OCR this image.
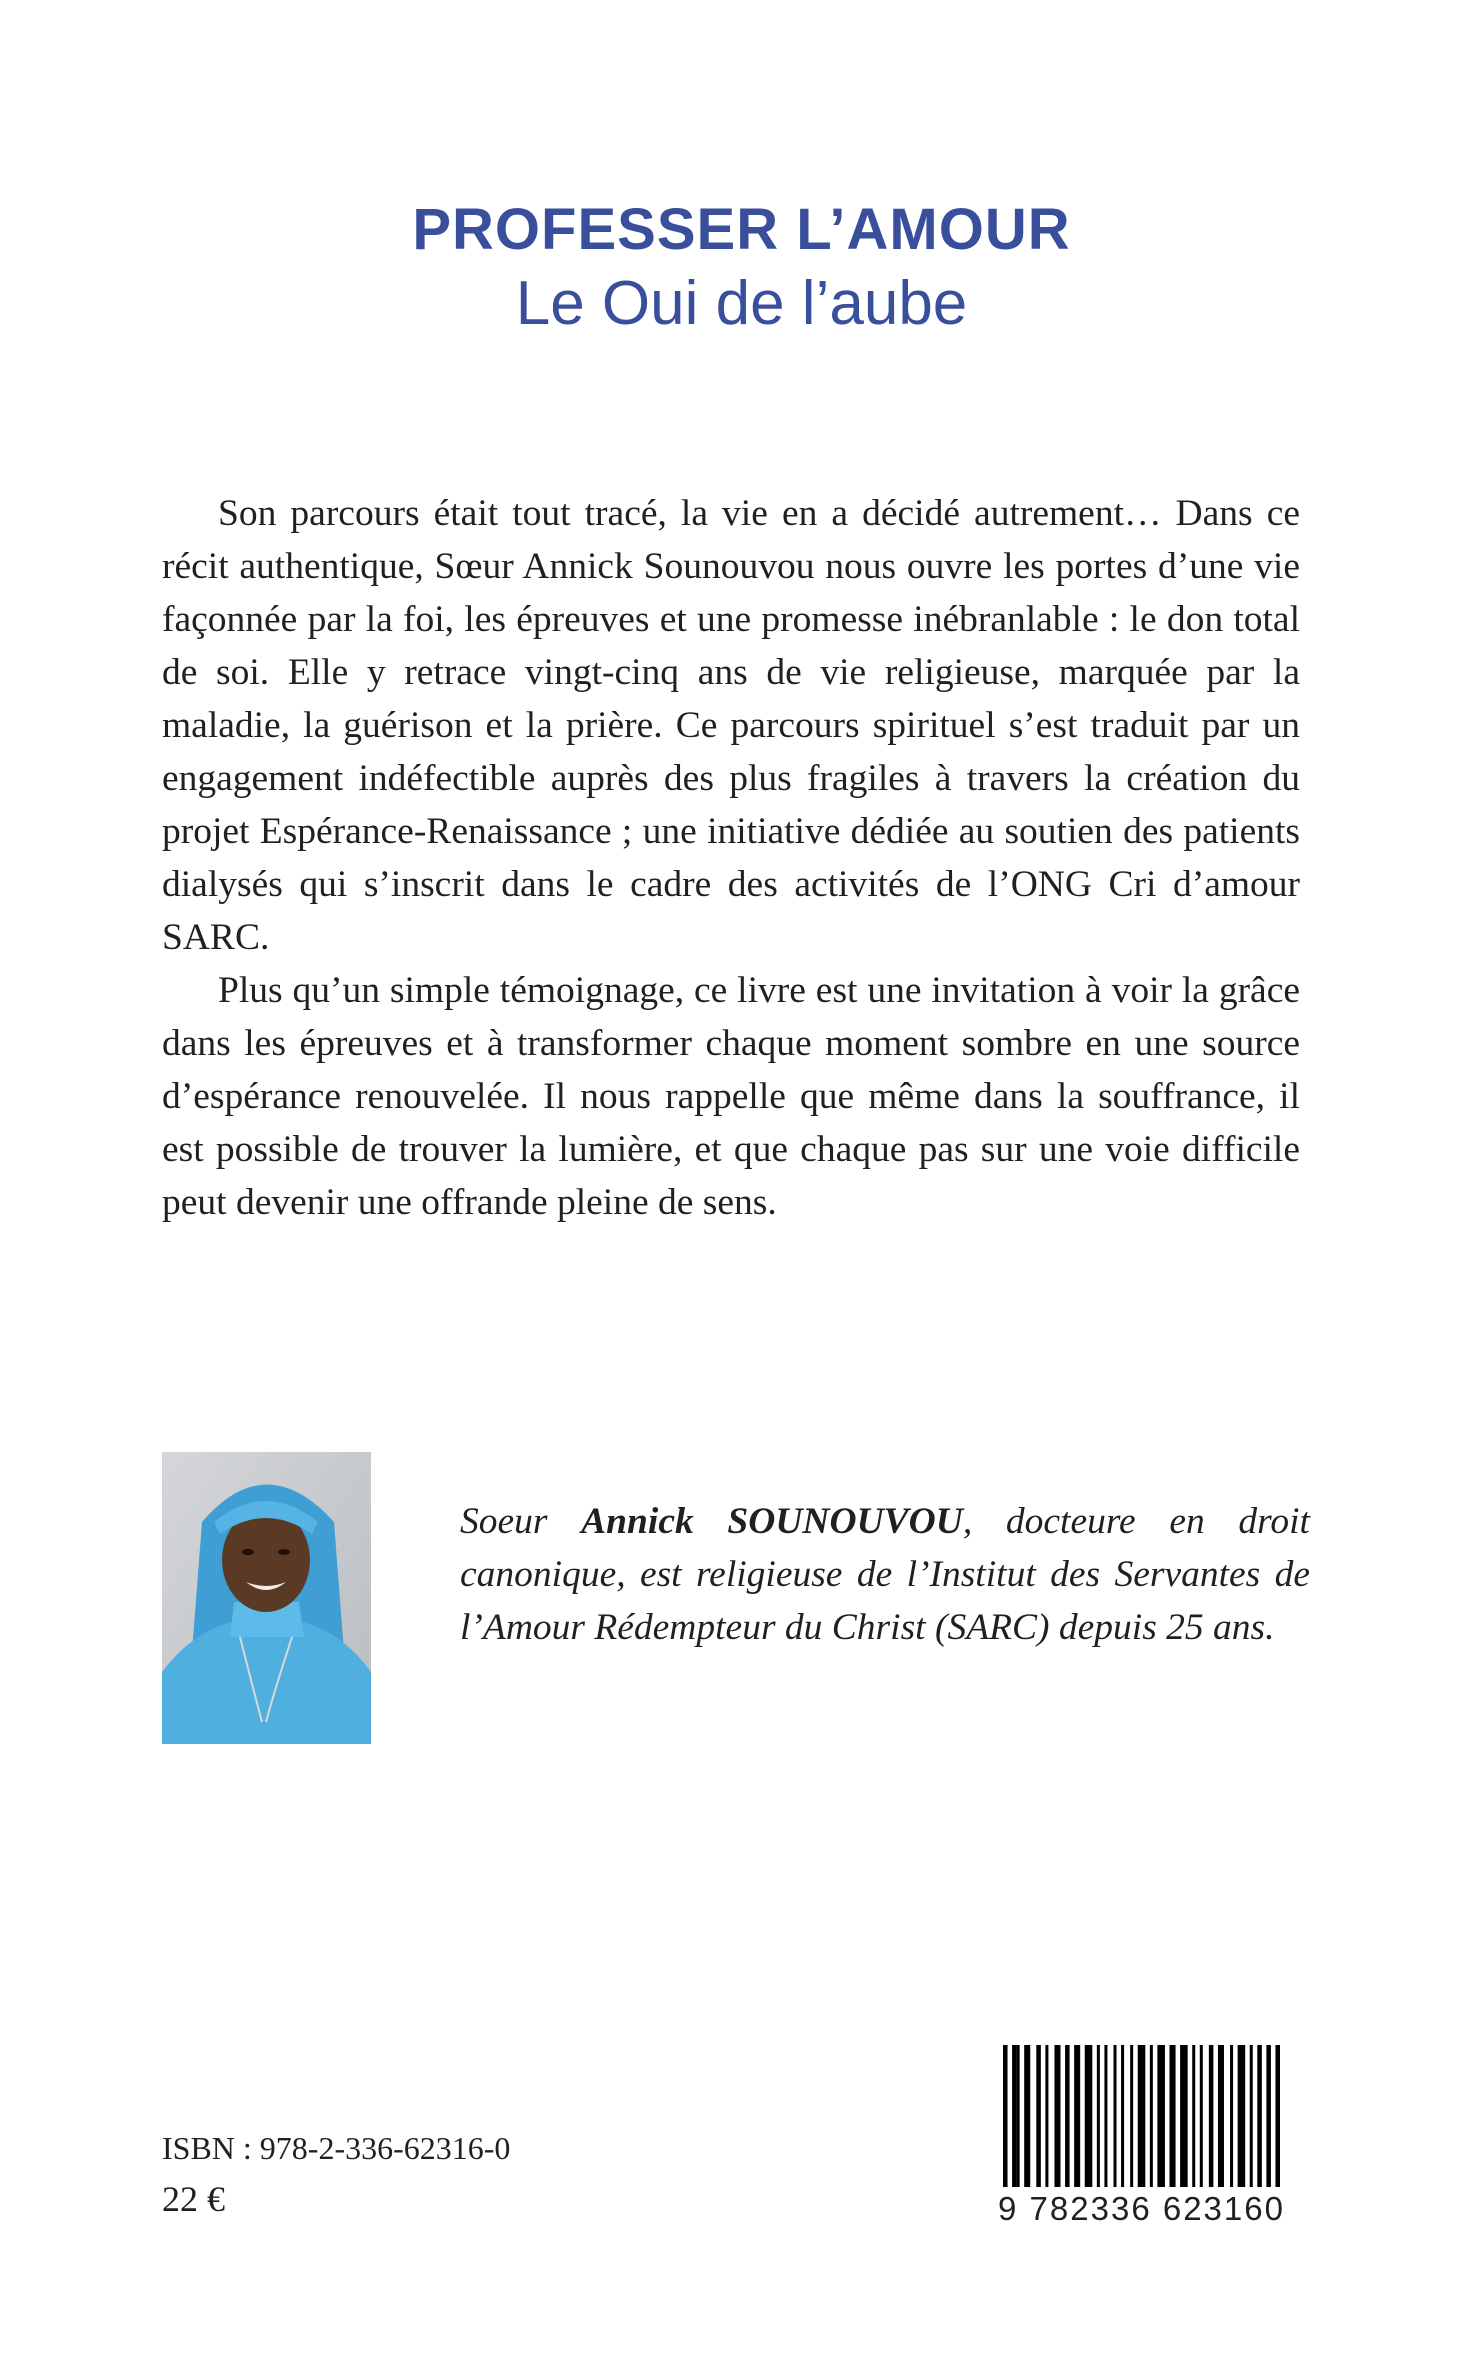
PROFESSER L’AMOUR
Le Oui de l’aube

Son parcours était tout tracé, la vie en a décidé autrement… Dans ce récit authentique, Sœur Annick Sounouvou nous ouvre les portes d’une vie façonnée par la foi, les épreuves et une promesse inébranlable : le don total de soi. Elle y retrace vingt-cinq ans de vie religieuse, marquée par la maladie, la guérison et la prière. Ce parcours spirituel s’est traduit par un engagement indéfectible auprès des plus fragiles à travers la création du projet Espérance-Renaissance ; une initiative dédiée au soutien des patients dialysés qui s’inscrit dans le cadre des activités de l’ONG Cri d’amour SARC.

Plus qu’un simple témoignage, ce livre est une invitation à voir la grâce dans les épreuves et à transformer chaque moment sombre en une source d’espérance renouvelée. Il nous rappelle que même dans la souffrance, il est possible de trouver la lumière, et que chaque pas sur une voie difficile peut devenir une offrande pleine de sens.

Soeur Annick SOUNOUVOU, docteure en droit canonique, est religieuse de l’Institut des Servantes de l’Amour Rédempteur du Christ (SARC) depuis 25 ans.

ISBN : 978-2-336-62316-0
22 €	9 782336 623160
